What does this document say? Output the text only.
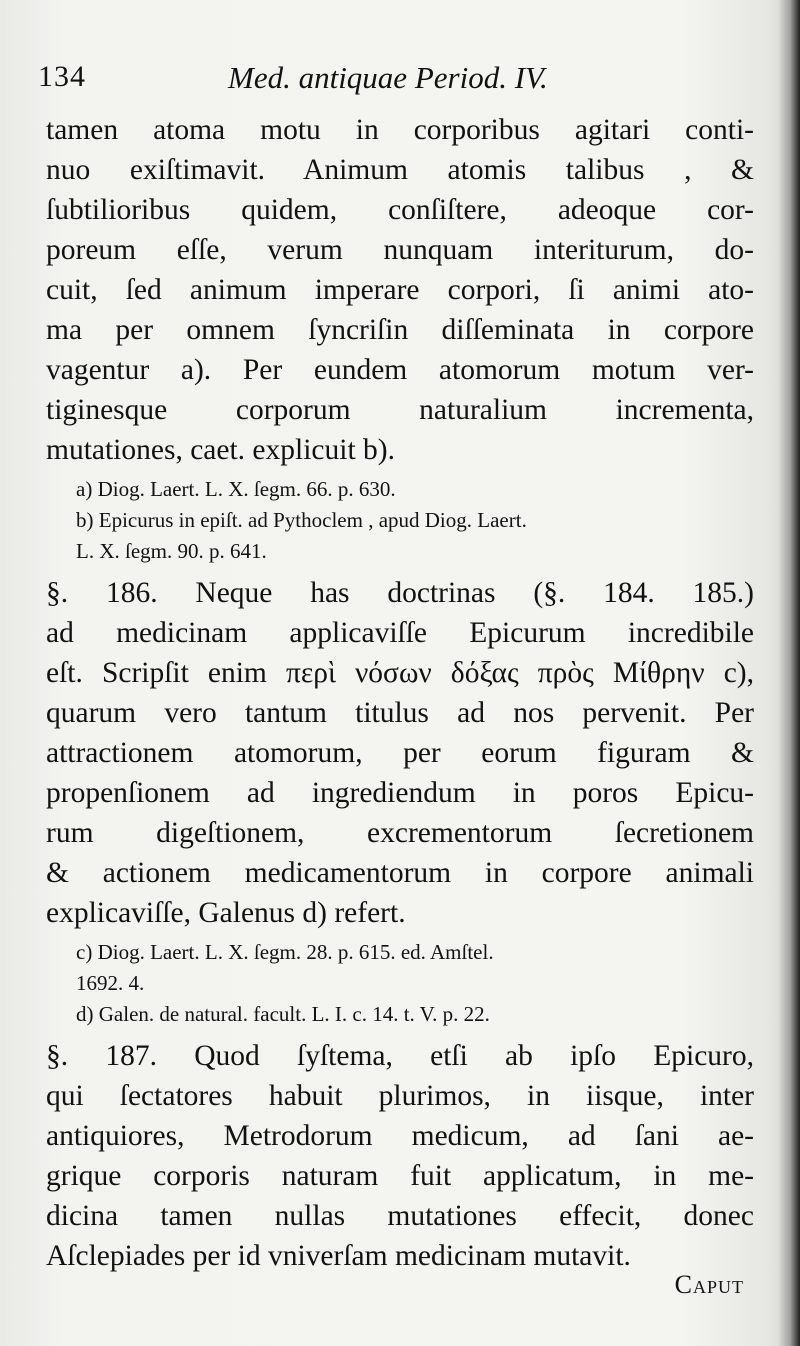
134	Med. antiquae Period. IV.
tamen atoma motu in corporibus agitari conti-
nuo exiſtimavit. Animum atomis talibus , &
ſubtilioribus quidem, conſiſtere, adeoque cor-
poreum eſſe, verum nunquam interiturum, do-
cuit, ſed animum imperare corpori, ſi animi ato-
ma per omnem ſyncriſin diſſeminata in corpore
vagentur a). Per eundem atomorum motum ver-
tiginesque corporum naturalium incrementa,
mutationes, caet. explicuit b).
a) Diog. Laert. L. X. ſegm. 66. p. 630.
b) Epicurus in epiſt. ad Pythoclem , apud Diog. Laert.
L. X. ſegm. 90. p. 641.
§. 186. Neque has doctrinas (§. 184. 185.)
ad medicinam applicaviſſe Epicurum incredibile
eſt. Scripſit enim περὶ νόσων δόξας πρὸς Μίθρην c),
quarum vero tantum titulus ad nos pervenit. Per
attractionem atomorum, per eorum figuram &
propenſionem ad ingrediendum in poros Epicu-
rum digeſtionem, excrementorum ſecretionem
& actionem medicamentorum in corpore animali
explicaviſſe, Galenus d) refert.
c) Diog. Laert. L. X. ſegm. 28. p. 615. ed. Amſtel.
1692. 4.
d) Galen. de natural. facult. L. I. c. 14. t. V. p. 22.
§. 187. Quod ſyſtema, etſi ab ipſo Epicuro,
qui ſectatores habuit plurimos, in iisque, inter
antiquiores, Metrodorum medicum, ad ſani ae-
grique corporis naturam fuit applicatum, in me-
dicina tamen nullas mutationes effecit, donec
Aſclepiades per id vniverſam medicinam mutavit.
Caput
